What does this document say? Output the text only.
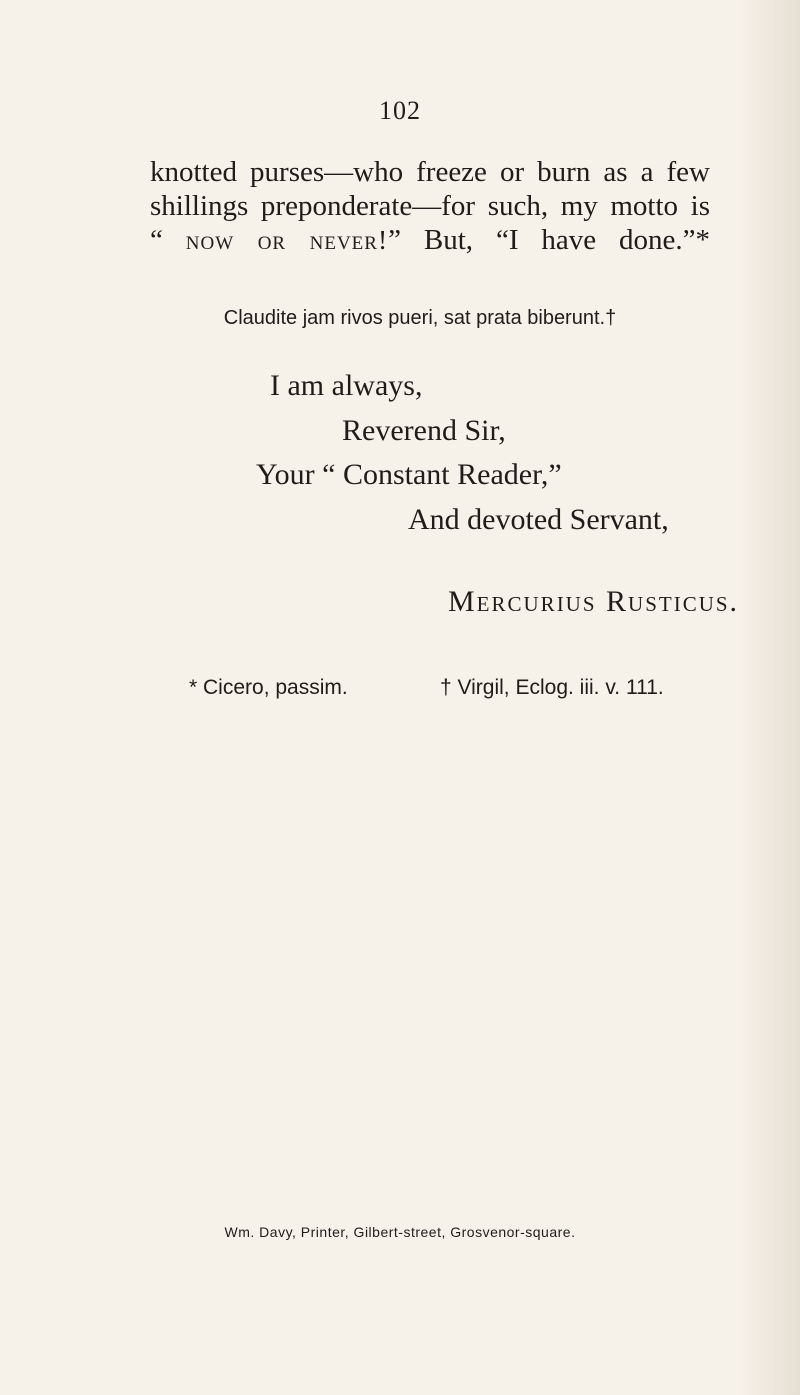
102
knotted purses—who freeze or burn as a few
shillings preponderate—for such, my motto is
“ now or never!” But, “I have done.”*
Claudite jam rivos pueri, sat prata biberunt.†
I am always,
Reverend Sir,
Your “ Constant Reader,”
And devoted Servant,
Mercurius Rusticus.
* Cicero, passim.	† Virgil, Eclog. iii. v. 111.
Wm. Davy, Printer, Gilbert-street, Grosvenor-square.
